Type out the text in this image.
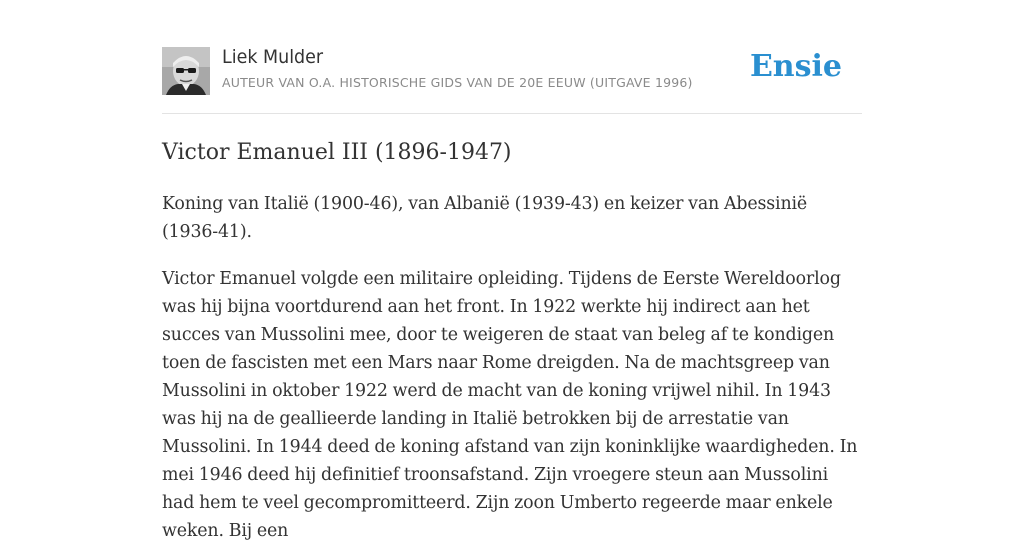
Liek Mulder
AUTEUR VAN O.A. HISTORISCHE GIDS VAN DE 20E EEUW (UITGAVE 1996) Ensie
Victor Emanuel III (1896-1947)

Koning van Italië (1900-46), van Albanië (1939-43) en keizer van Abessinië (1936-41).

Victor Emanuel volgde een militaire opleiding. Tijdens de Eerste Wereldoorlog was hij bijna voortdurend aan het front. In 1922 werkte hij indirect aan het succes van Mussolini mee, door te weigeren de staat van beleg af te kondigen toen de fascisten met een Mars naar Rome dreigden. Na de machtsgreep van Mussolini in oktober 1922 werd de macht van de koning vrijwel nihil. In 1943 was hij na de geallieerde landing in Italië betrokken bij de arrestatie van Mussolini. In 1944 deed de koning afstand van zijn koninklijke waardigheden. In mei 1946 deed hij definitief troonsafstand. Zijn vroegere steun aan Mussolini had hem te veel gecompromitteerd. Zijn zoon Umberto regeerde maar enkele weken. Bij een
